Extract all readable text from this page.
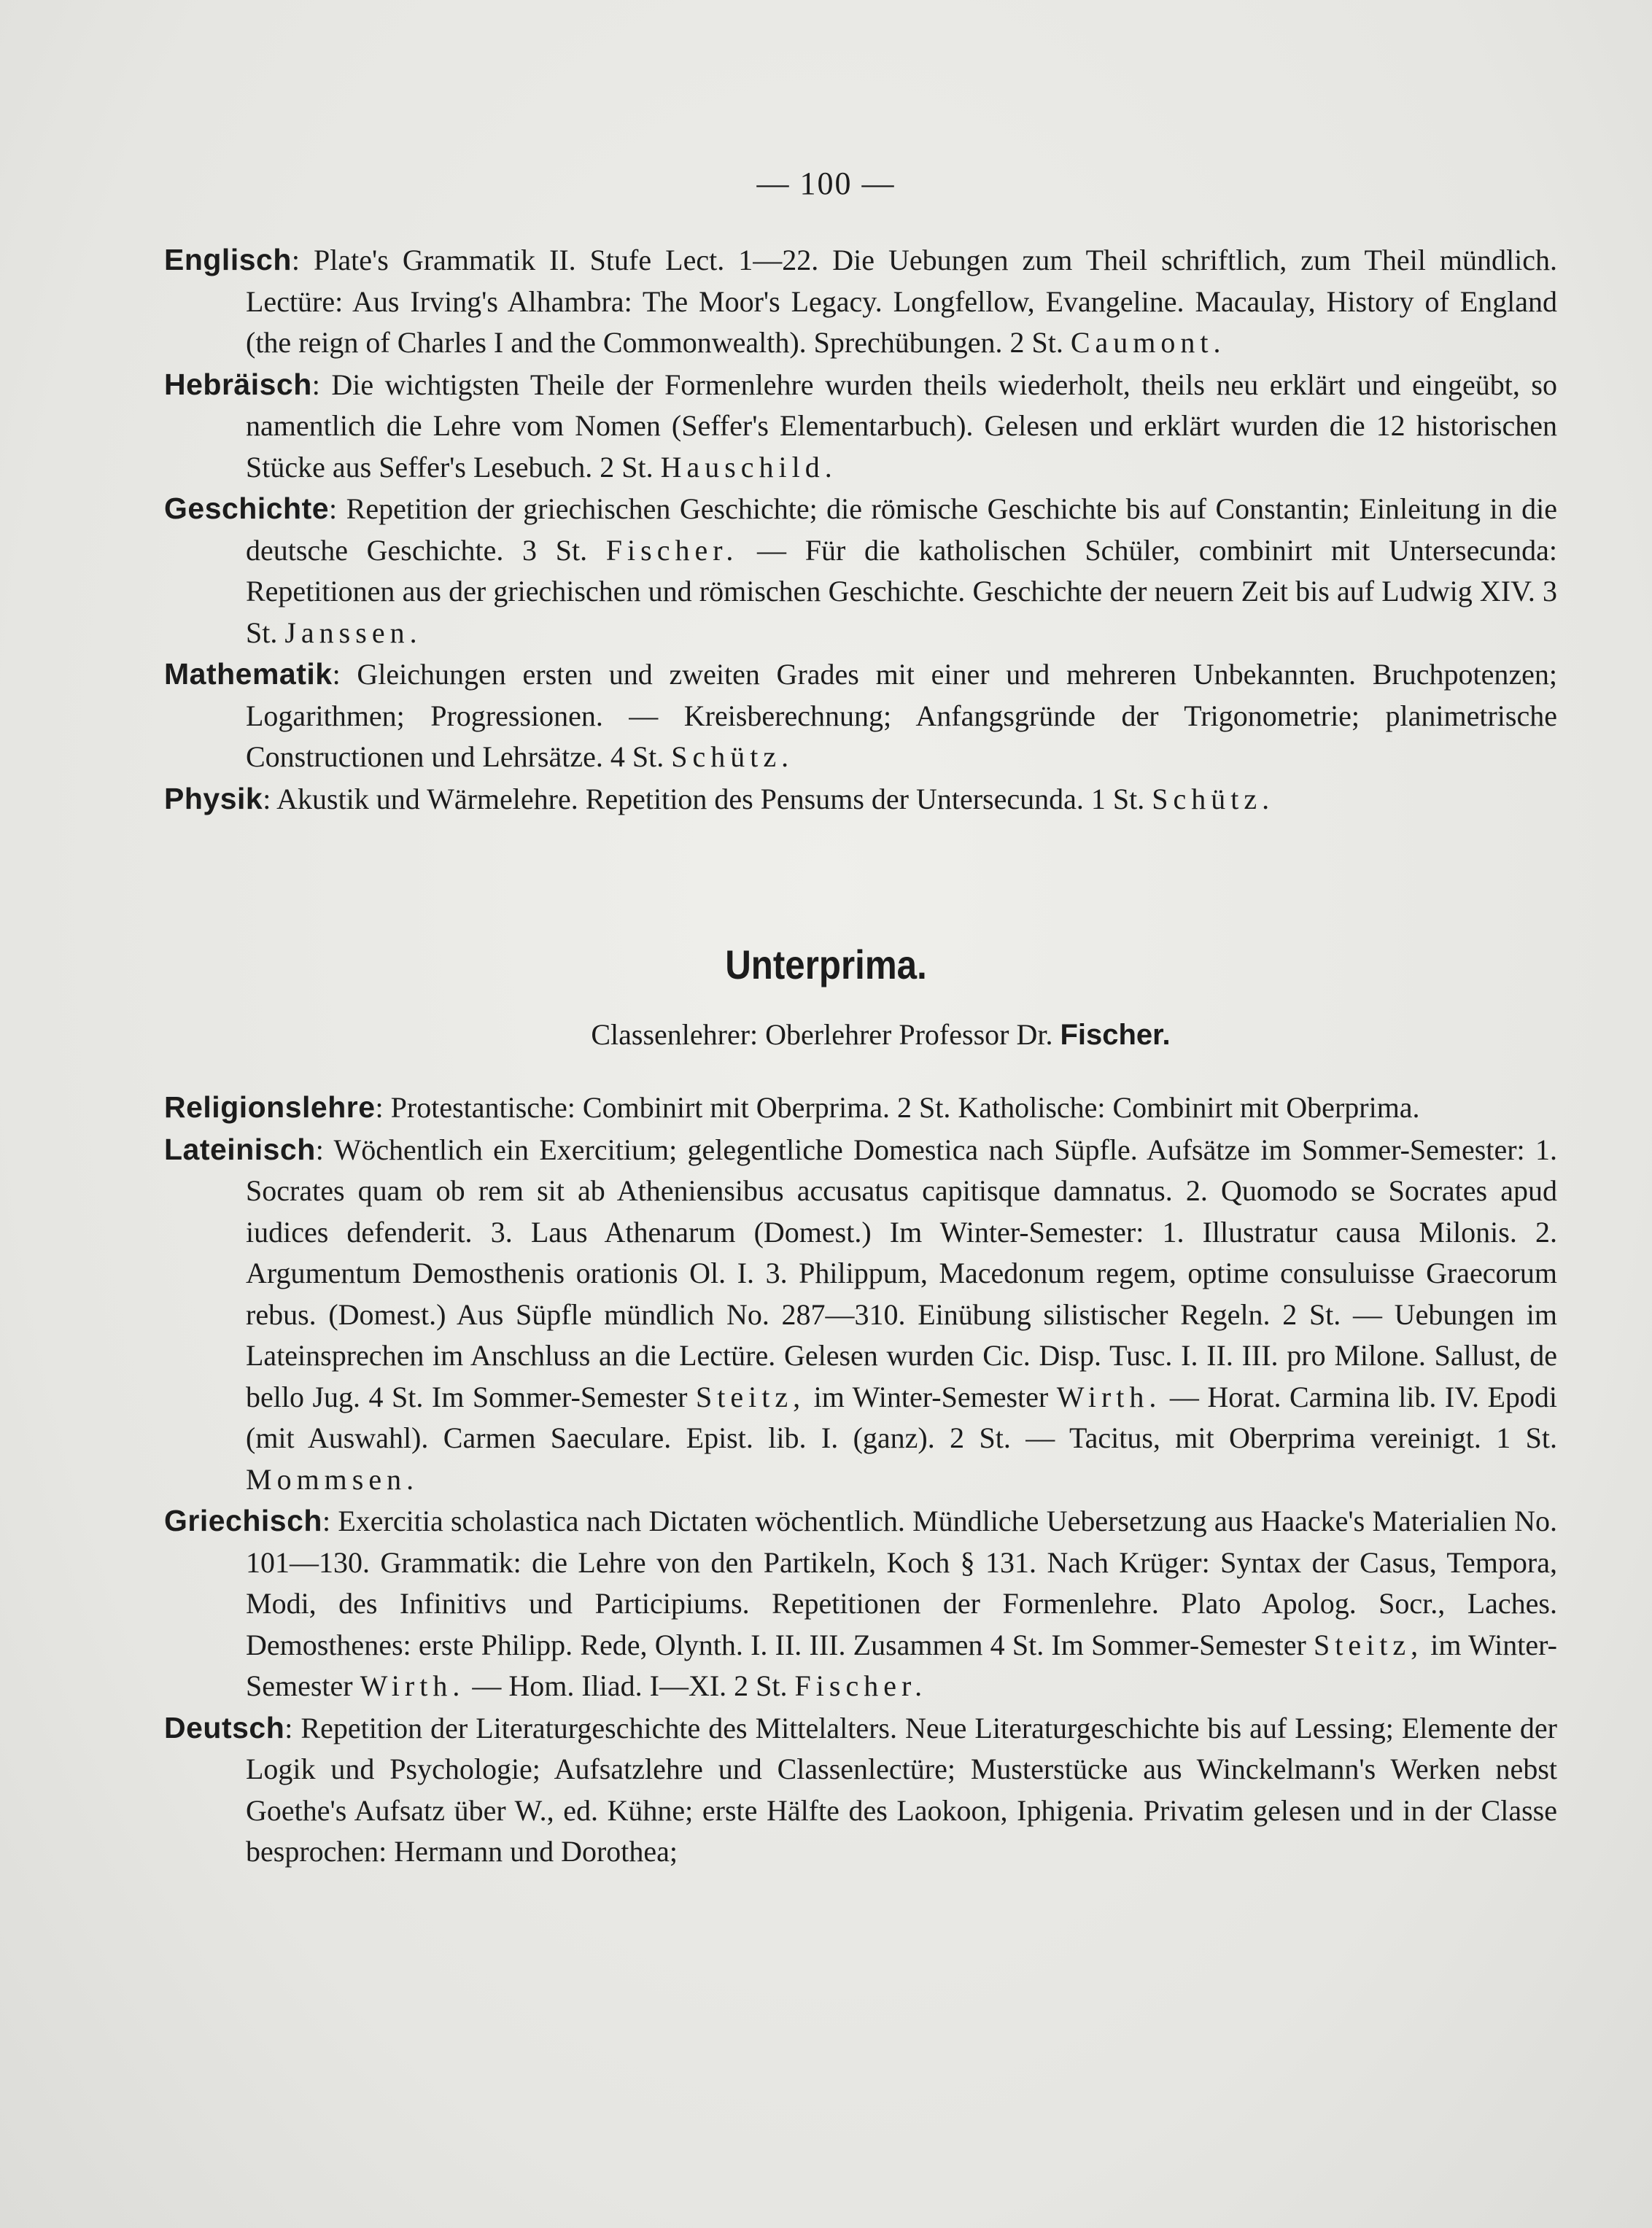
— 100 —

Englisch: Plate's Grammatik II. Stufe Lect. 1—22. Die Uebungen zum Theil schriftlich, zum Theil mündlich. Lectüre: Aus Irving's Alhambra: The Moor's Legacy. Longfellow, Evangeline. Macaulay, History of England (the reign of Charles I and the Commonwealth). Sprechübungen. 2 St. Caumont.

Hebräisch: Die wichtigsten Theile der Formenlehre wurden theils wiederholt, theils neu erklärt und eingeübt, so namentlich die Lehre vom Nomen (Seffer's Elementarbuch). Gelesen und erklärt wurden die 12 historischen Stücke aus Seffer's Lesebuch. 2 St. Hauschild.

Geschichte: Repetition der griechischen Geschichte; die römische Geschichte bis auf Constantin; Einleitung in die deutsche Geschichte. 3 St. Fischer. — Für die katholischen Schüler, combinirt mit Untersecunda: Repetitionen aus der griechischen und römischen Geschichte. Geschichte der neuern Zeit bis auf Ludwig XIV. 3 St. Janssen.

Mathematik: Gleichungen ersten und zweiten Grades mit einer und mehreren Unbekannten. Bruchpotenzen; Logarithmen; Progressionen. — Kreisberechnung; Anfangsgründe der Trigonometrie; planimetrische Constructionen und Lehrsätze. 4 St. Schütz.

Physik: Akustik und Wärmelehre. Repetition des Pensums der Untersecunda. 1 St. Schütz.

Unterprima.
Classenlehrer: Oberlehrer Professor Dr. Fischer.

Religionslehre: Protestantische: Combinirt mit Oberprima. 2 St. Katholische: Combinirt mit Oberprima.

Lateinisch: Wöchentlich ein Exercitium; gelegentliche Domestica nach Süpfle. Aufsätze im Sommer-Semester: 1. Socrates quam ob rem sit ab Atheniensibus accusatus capitisque damnatus. 2. Quomodo se Socrates apud iudices defenderit. 3. Laus Athenarum (Domest.) Im Winter-Semester: 1. Illustratur causa Milonis. 2. Argumentum Demosthenis orationis Ol. I. 3. Philippum, Macedonum regem, optime consuluisse Graecorum rebus. (Domest.) Aus Süpfle mündlich No. 287—310. Einübung silistischer Regeln. 2 St. — Uebungen im Lateinsprechen im Anschluss an die Lectüre. Gelesen wurden Cic. Disp. Tusc. I. II. III. pro Milone. Sallust, de bello Jug. 4 St. Im Sommer-Semester Steitz, im Winter-Semester Wirth. — Horat. Carmina lib. IV. Epodi (mit Auswahl). Carmen Saeculare. Epist. lib. I. (ganz). 2 St. — Tacitus, mit Oberprima vereinigt. 1 St. Mommsen.

Griechisch: Exercitia scholastica nach Dictaten wöchentlich. Mündliche Uebersetzung aus Haacke's Materialien No. 101—130. Grammatik: die Lehre von den Partikeln, Koch § 131. Nach Krüger: Syntax der Casus, Tempora, Modi, des Infinitivs und Participiums. Repetitionen der Formenlehre. Plato Apolog. Socr., Laches. Demosthenes: erste Philipp. Rede, Olynth. I. II. III. Zusammen 4 St. Im Sommer-Semester Steitz, im Winter-Semester Wirth. — Hom. Iliad. I—XI. 2 St. Fischer.

Deutsch: Repetition der Literaturgeschichte des Mittelalters. Neue Literaturgeschichte bis auf Lessing; Elemente der Logik und Psychologie; Aufsatzlehre und Classenlectüre; Musterstücke aus Winckelmann's Werken nebst Goethe's Aufsatz über W., ed. Kühne; erste Hälfte des Laokoon, Iphigenia. Privatim gelesen und in der Classe besprochen: Hermann und Dorothea;
